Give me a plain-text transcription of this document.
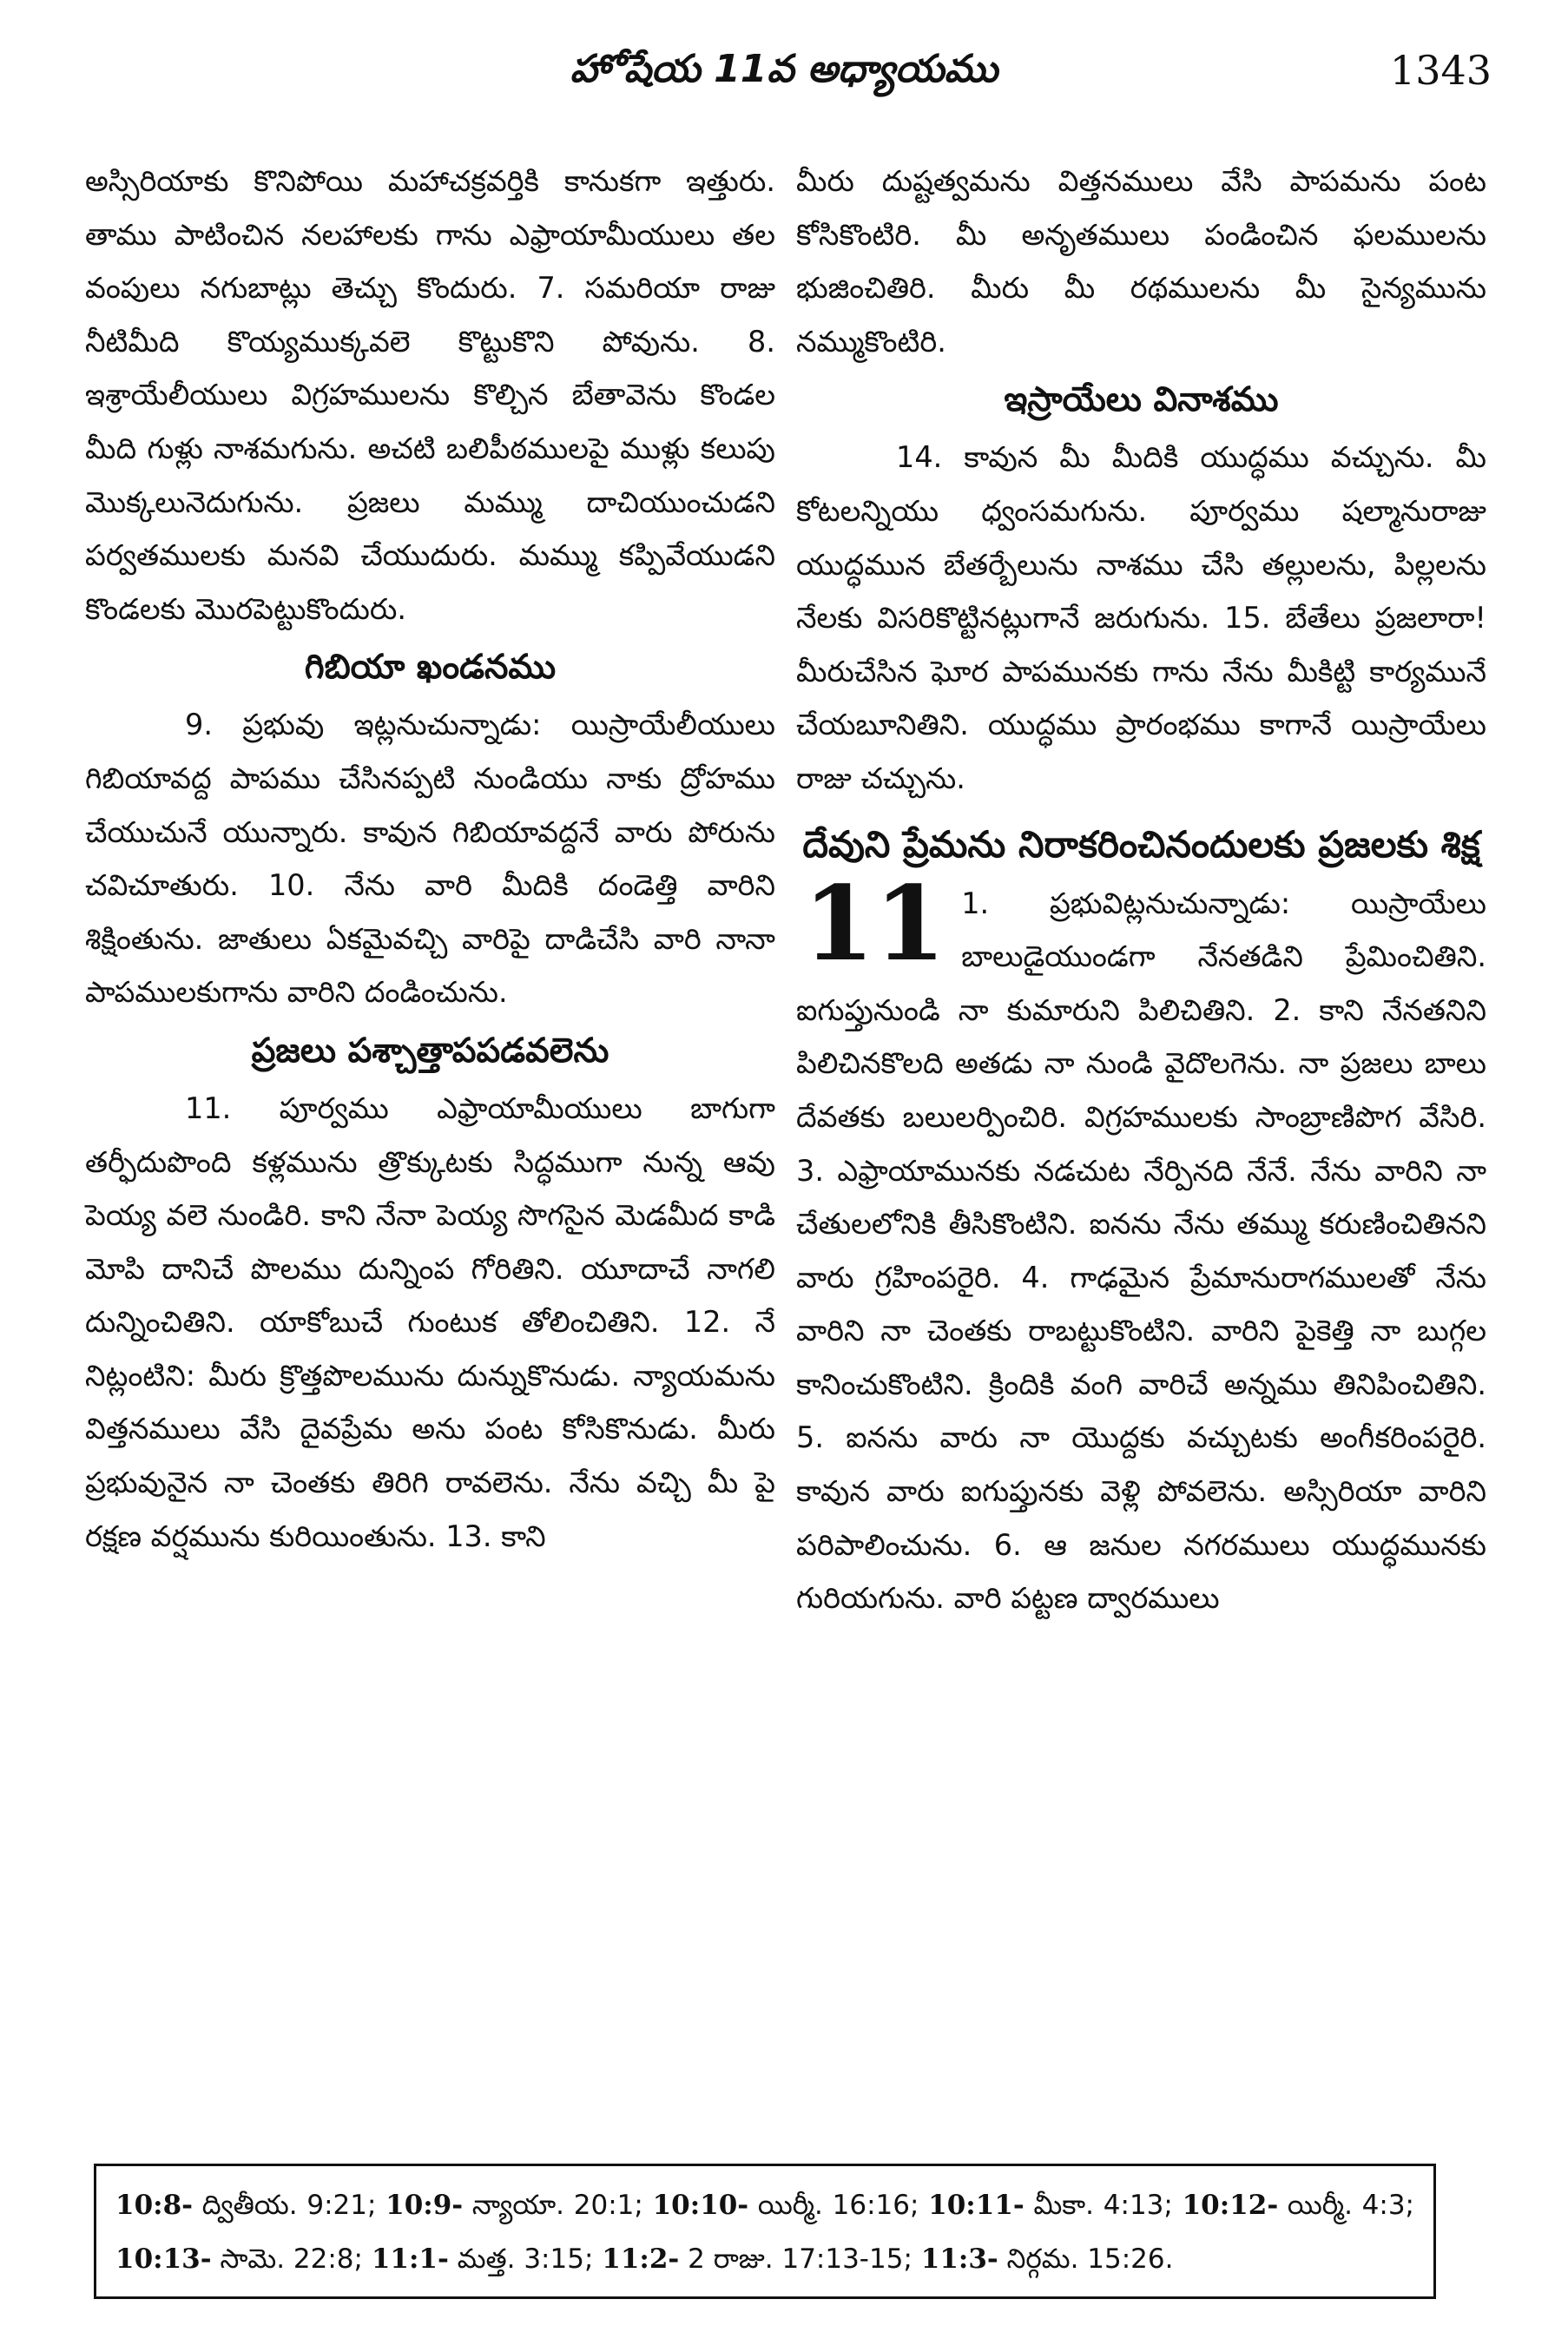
హోషేయ 11వ అధ్యాయము	1343

అస్సిరియాకు కొనిపోయి మహాచక్రవర్తికి కానుకగా ఇత్తురు. తాము పాటించిన నలహాలకు గాను ఎఫ్రాయామీయులు తల వంపులు నగుబాట్లు తెచ్చు కొందురు. 7. సమరియా రాజు నీటిమీది కొయ్యముక్కవలె కొట్టుకొని పోవును. 8. ఇశ్రాయేలీయులు విగ్రహములను కొల్చిన బేతావెను కొండల మీది గుళ్లు నాశమగును. అచటి బలిపీఠములపై ముళ్లు కలుపు మొక్కలునెదుగును. ప్రజలు మమ్ము దాచియుంచుడని పర్వతములకు మనవి చేయుదురు. మమ్ము కప్పివేయుడని కొండలకు మొరపెట్టుకొందురు.

గిబియా ఖండనము

9. ప్రభువు ఇట్లనుచున్నాడు: యిస్రాయేలీయులు గిబియావద్ద పాపము చేసినప్పటి నుండియు నాకు ద్రోహము చేయుచునే యున్నారు. కావున గిబియావద్దనే వారు పోరును చవిచూతురు. 10. నేను వారి మీదికి దండెత్తి వారిని శిక్షింతును. జాతులు ఏకమైవచ్చి వారిపై దాడిచేసి వారి నానా పాపములకుగాను వారిని దండించును.

ప్రజలు పశ్చాత్తాపపడవలెను

11. పూర్వము ఎఫ్రాయామీయులు బాగుగా తర్ఫీదుపొంది కళ్లమును త్రొక్కుటకు సిద్ధముగా నున్న ఆవు పెయ్య వలె నుండిరి. కాని నేనా పెయ్య సొగసైన మెడమీద కాడి మోపి దానిచే పొలము దున్నింప గోరితిని. యూదాచే నాగలి దున్నించితిని. యాకోబుచే గుంటుక తోలించితిని. 12. నే నిట్లంటిని: మీరు క్రొత్తపొలమును దున్నుకొనుడు. న్యాయమను విత్తనములు వేసి దైవప్రేమ అను పంట కోసికొనుడు. మీరు ప్రభువునైన నా చెంతకు తిరిగి రావలెను. నేను వచ్చి మీ పై రక్షణ వర్షమును కురియింతును. 13. కాని

మీరు దుష్టత్వమను విత్తనములు వేసి పాపమను పంట కోసికొంటిరి. మీ అనృతములు పండించిన ఫలములను భుజించితిరి. మీరు మీ రథములను మీ సైన్యమును నమ్ముకొంటిరి.

ఇస్రాయేలు వినాశము

14. కావున మీ మీదికి యుద్ధము వచ్చును. మీ కోటలన్నియు ధ్వంసమగును. పూర్వము షల్మానురాజు యుద్ధమున బేతర్బేలును నాశము చేసి తల్లులను, పిల్లలను నేలకు విసరికొట్టినట్లుగానే జరుగును. 15. బేతేలు ప్రజలారా! మీరుచేసిన ఘోర పాపమునకు గాను నేను మీకిట్టి కార్యమునే చేయబూనితిని. యుద్ధము ప్రారంభము కాగానే యిస్రాయేలు రాజు చచ్చును.

దేవుని ప్రేమను నిరాకరించినందులకు ప్రజలకు శిక్ష
11 1. ప్రభువిట్లనుచున్నాడు: యిస్రాయేలు బాలుడైయుండగా నేనతడిని ప్రేమించితిని. ఐగుప్తునుండి నా కుమారుని పిలిచితిని. 2. కాని నేనతనిని పిలిచినకొలది అతడు నా నుండి వైదొలగెను. నా ప్రజలు బాలు దేవతకు బలులర్పించిరి. విగ్రహములకు సాంబ్రాణిపొగ వేసిరి. 3. ఎఫ్రాయామునకు నడచుట నేర్పినది నేనే. నేను వారిని నా చేతులలోనికి తీసికొంటిని. ఐనను నేను తమ్ము కరుణించితినని వారు గ్రహింపరైరి. 4. గాఢమైన ప్రేమానురాగములతో నేను వారిని నా చెంతకు రాబట్టుకొంటిని. వారిని పైకెత్తి నా బుగ్గల కానించుకొంటిని. క్రిందికి వంగి వారిచే అన్నము తినిపించితిని. 5. ఐనను వారు నా యొద్దకు వచ్చుటకు అంగీకరింపరైరి. కావున వారు ఐగుప్తునకు వెళ్లి పోవలెను. అస్సిరియా వారిని పరిపాలించును. 6. ఆ జనుల నగరములు యుద్ధమునకు గురియగును. వారి పట్టణ ద్వారములు

10:8- ద్వితీయ. 9:21; 10:9- న్యాయా. 20:1; 10:10- యిర్మీ. 16:16; 10:11- మీకా. 4:13; 10:12- యిర్మీ. 4:3; 10:13- సామె. 22:8; 11:1- మత్త. 3:15; 11:2- 2 రాజు. 17:13-15; 11:3- నిర్గమ. 15:26.
